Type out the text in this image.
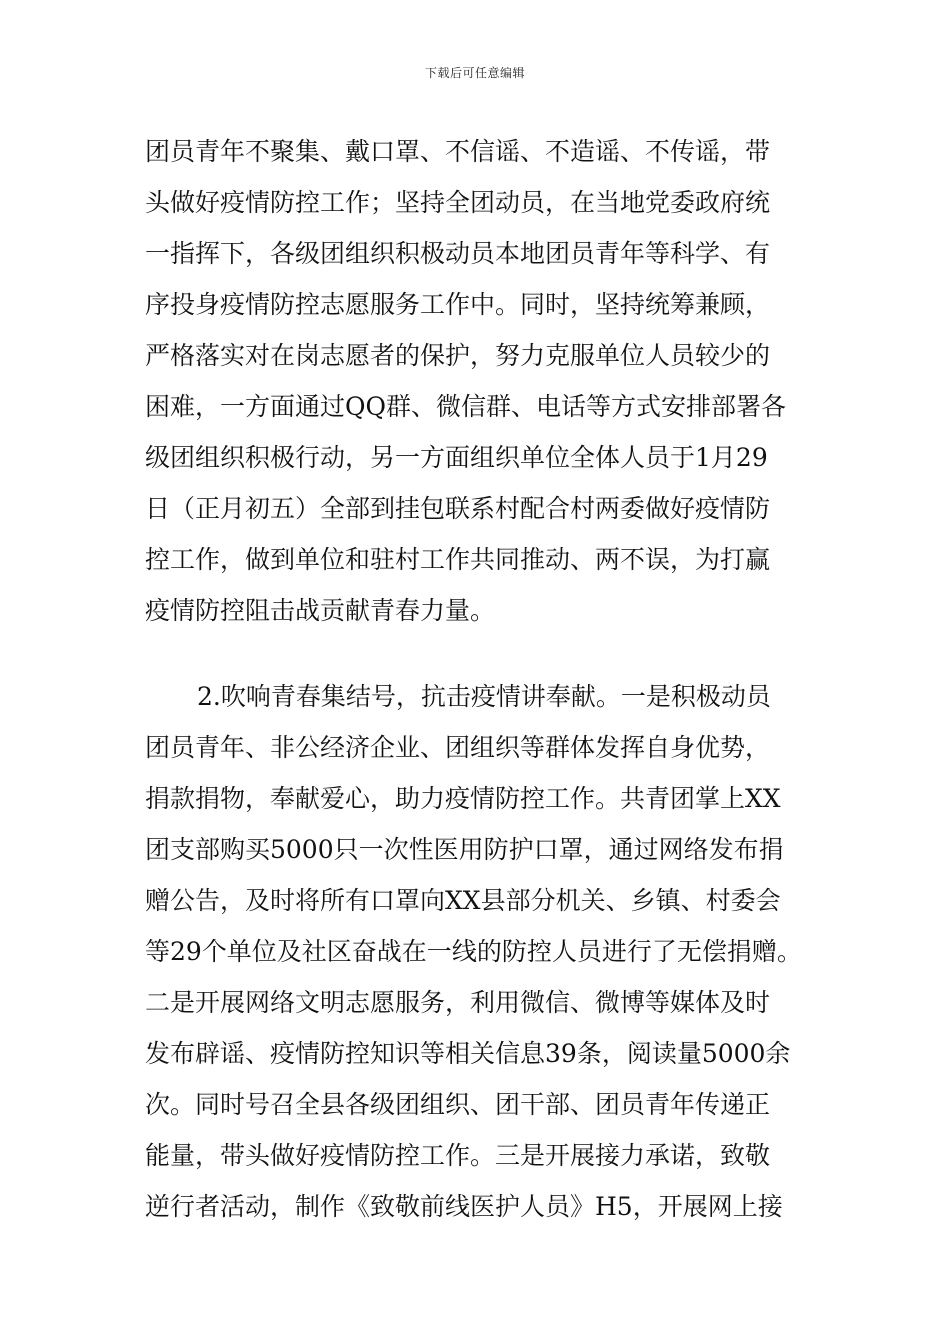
下载后可任意编辑
团员青年不聚集、戴口罩、不信谣、不造谣、不传谣，带
头做好疫情防控工作；坚持全团动员，在当地党委政府统
一指挥下，各级团组织积极动员本地团员青年等科学、有
序投身疫情防控志愿服务工作中。同时，坚持统筹兼顾，
严格落实对在岗志愿者的保护，努力克服单位人员较少的
困难，一方面通过QQ群、微信群、电话等方式安排部署各
级团组织积极行动，另一方面组织单位全体人员于1月29
日（正月初五）全部到挂包联系村配合村两委做好疫情防
控工作，做到单位和驻村工作共同推动、两不误，为打赢
疫情防控阻击战贡献青春力量。
2.吹响青春集结号，抗击疫情讲奉献。一是积极动员
团员青年、非公经济企业、团组织等群体发挥自身优势，
捐款捐物，奉献爱心，助力疫情防控工作。共青团掌上XX
团支部购买5000只一次性医用防护口罩，通过网络发布捐
赠公告，及时将所有口罩向XX县部分机关、乡镇、村委会
等29个单位及社区奋战在一线的防控人员进行了无偿捐赠。
二是开展网络文明志愿服务，利用微信、微博等媒体及时
发布辟谣、疫情防控知识等相关信息39条，阅读量5000余
次。同时号召全县各级团组织、团干部、团员青年传递正
能量，带头做好疫情防控工作。三是开展接力承诺，致敬
逆行者活动，制作《致敬前线医护人员》H5，开展网上接
